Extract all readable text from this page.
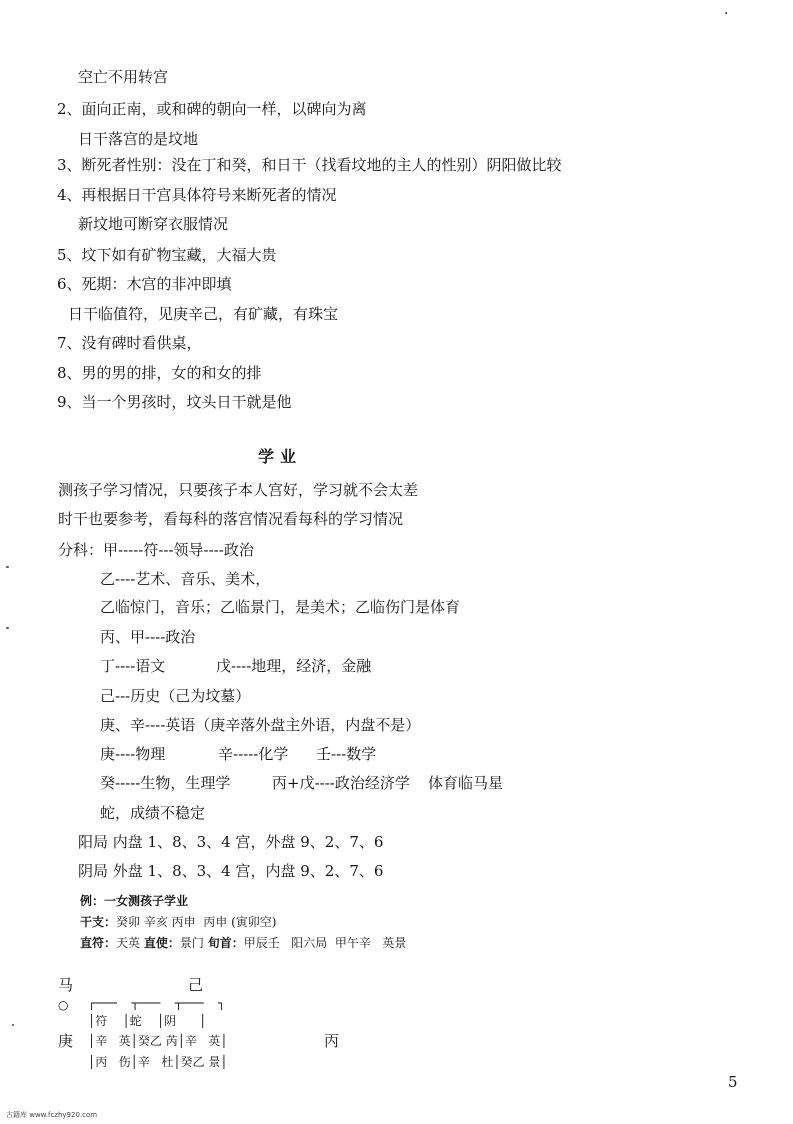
·

空亡不用转宫

2、面向正南，或和碑的朝向一样，以碑向为离

日干落宫的是坟地

3、断死者性别：没在丁和癸，和日干（找看坟地的主人的性别）阴阳做比较

4、再根据日干宫具体符号来断死者的情况

新坟地可断穿衣服情况

5、坟下如有矿物宝藏，大福大贵

6、死期：木宫的非冲即填

日干临值符，见庚辛己，有矿藏，有珠宝

7、没有碑时看供桌，

8、男的男的排，女的和女的排

9、当一个男孩时，坟头日干就是他

学业

测孩子学习情况，只要孩子本人宫好，学习就不会太差

时干也要参考，看每科的落宫情况看每科的学习情况

分科：甲-----符---领导----政治

乙----艺术、音乐、美术，

乙临惊门，音乐；乙临景门，是美术；乙临伤门是体育

丙、甲----政治

丁----语文	戊----地理，经济，金融

己---历史（己为坟墓）

庚、辛----英语（庚辛落外盘主外语，内盘不是）

庚----物理	辛-----化学 壬---数学

癸-----生物，生理学	丙+戊----政治经济学 体育临马星

蛇，成绩不稳定

阳局 内盘 1、8、3、4 宫，外盘 9、2、7、6

阴局 外盘 1、8、3、4 宫，内盘 9、2、7、6

例：一女测孩子学业

干支：癸卯 辛亥 丙申  丙申 (寅卯空)

直符：天英 直使：景门 旬首：甲辰壬 阳六局 甲午辛 英景

马	己

○ ┌───  ┬───  ┬───  ┐

│符    │蛇    │阴      │

庚 │辛   英│癸乙 芮│辛   英│	丙

│丙   伤│辛   杜│癸乙 景│

5

古籍库 www.fczhy920.com
